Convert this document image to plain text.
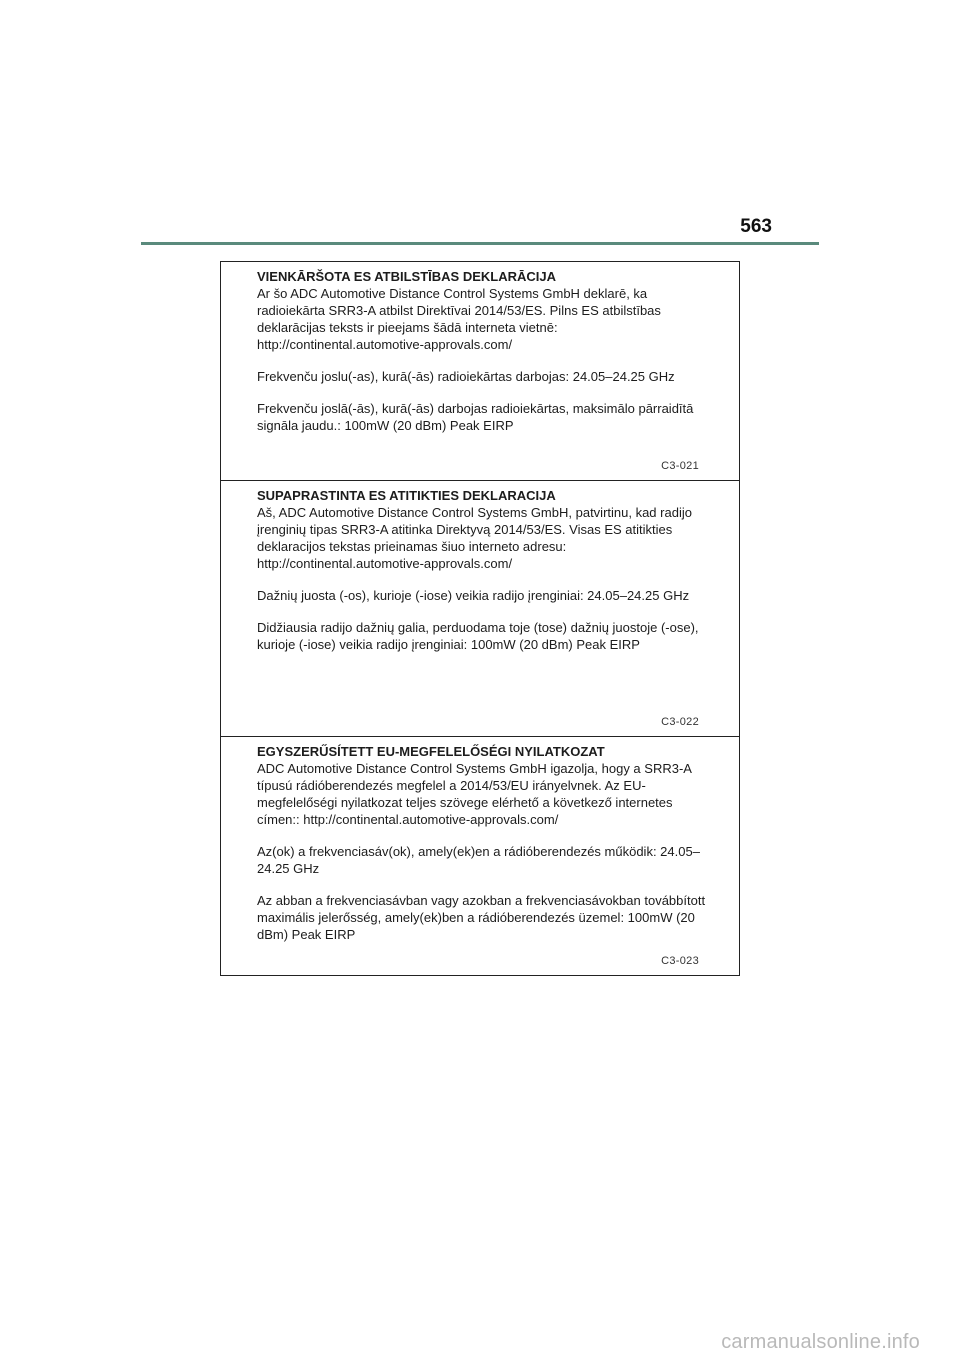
563

VIENKĀRŠOTA ES ATBILSTĪBAS DEKLARĀCIJA

Ar šo ADC Automotive Distance Control Systems GmbH deklarē, ka radioiekārta SRR3-A atbilst Direktīvai 2014/53/ES. Pilns ES atbilstības deklarācijas teksts ir pieejams šādā interneta vietnē: http://continental.automotive-approvals.com/

Frekvenču joslu(-as), kurā(-ās) radioiekārtas darbojas: 24.05–24.25 GHz

Frekvenču joslā(-ās), kurā(-ās) darbojas radioiekārtas, maksimālo pārraidītā signāla jaudu.: 100mW (20 dBm) Peak EIRP

C3-021

SUPAPRASTINTA ES ATITIKTIES DEKLARACIJA

Aš, ADC Automotive Distance Control Systems GmbH, patvirtinu, kad radijo įrenginių tipas SRR3-A atitinka Direktyvą 2014/53/ES. Visas ES atitikties deklaracijos tekstas prieinamas šiuo interneto adresu: http://continental.automotive-approvals.com/

Dažnių juosta (-os), kurioje (-iose) veikia radijo įrenginiai: 24.05–24.25 GHz

Didžiausia radijo dažnių galia, perduodama toje (tose) dažnių juostoje (-ose), kurioje (-iose) veikia radijo įrenginiai: 100mW (20 dBm) Peak EIRP

C3-022

EGYSZERŰSÍTETT EU-MEGFELELŐSÉGI NYILATKOZAT

ADC Automotive Distance Control Systems GmbH igazolja, hogy a SRR3-A típusú rádióberendezés megfelel a 2014/53/EU irányelvnek. Az EU-megfelelőségi nyilatkozat teljes szövege elérhető a következő internetes címen:: http://continental.automotive-approvals.com/

Az(ok) a frekvenciasáv(ok), amely(ek)en a rádióberendezés működik: 24.05–24.25 GHz

Az abban a frekvenciasávban vagy azokban a frekvenciasávokban továbbított maximális jelerősség, amely(ek)ben a rádióberendezés üzemel: 100mW (20 dBm) Peak EIRP

C3-023
carmanualsonline.info
